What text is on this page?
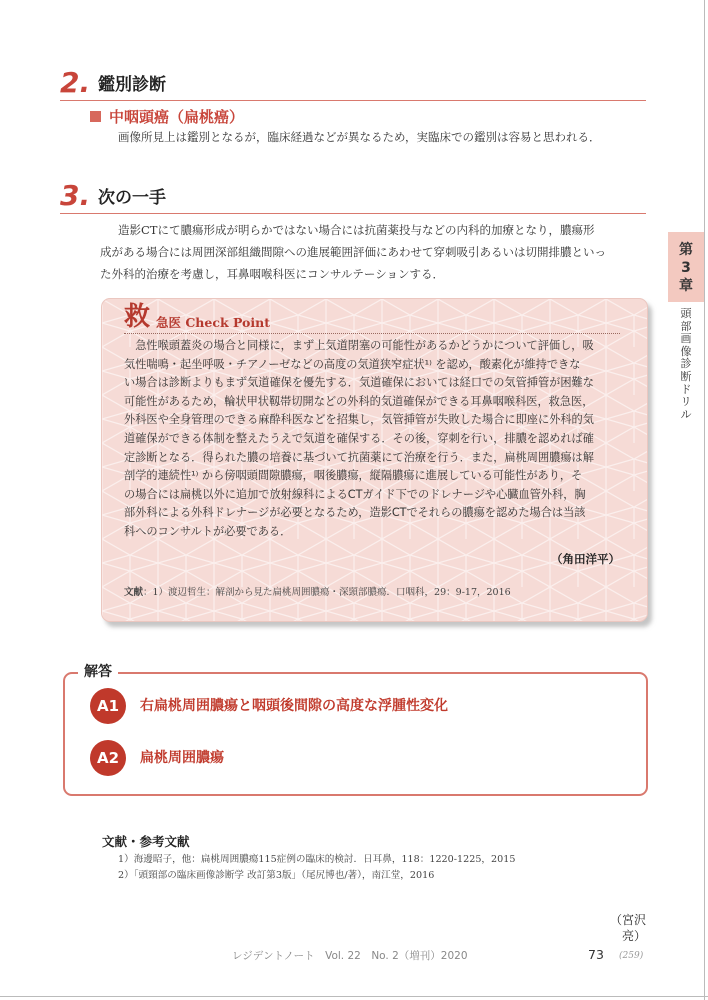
2. 鑑別診断
中咽頭癌（扁桃癌）
画像所見上は鑑別となるが，臨床経過などが異なるため，実臨床での鑑別は容易と思われる．
3. 次の一手
造影CTにて膿瘍形成が明らかではない場合には抗菌薬投与などの内科的加療となり，膿瘍形
成がある場合には周囲深部組織間隙への進展範囲評価にあわせて穿刺吸引あるいは切開排膿といっ
た外科的治療を考慮し，耳鼻咽喉科医にコンサルテーションする．
第
3
章
頭
部
画
像
診
断
ド
リ
ル
救 急医 Check Point
　急性喉頭蓋炎の場合と同様に，まず上気道閉塞の可能性があるかどうかについて評価し，吸
気性喘鳴・起坐呼吸・チアノーゼなどの高度の気道狭窄症状¹⁾ を認め，酸素化が維持できな
い場合は診断よりもまず気道確保を優先する．気道確保においては経口での気管挿管が困難な
可能性があるため，輪状甲状靱帯切開などの外科的気道確保ができる耳鼻咽喉科医，救急医，
外科医や全身管理のできる麻酔科医などを招集し，気管挿管が失敗した場合に即座に外科的気
道確保ができる体制を整えたうえで気道を確保する．その後，穿刺を行い，排膿を認めれば確
定診断となる．得られた膿の培養に基づいて抗菌薬にて治療を行う．また，扁桃周囲膿瘍は解
剖学的連続性¹⁾ から傍咽頭間隙膿瘍，咽後膿瘍，縦隔膿瘍に進展している可能性があり，そ
の場合には扁桃以外に追加で放射線科によるCTガイド下でのドレナージや心臓血管外科，胸
部外科による外科ドレナージが必要となるため，造影CTでそれらの膿瘍を認めた場合は当該
科へのコンサルトが必要である．
（角田洋平）
文献：1）渡辺哲生：解剖から見た扁桃周囲膿瘍・深頸部膿瘍．口咽科，29：9-17，2016
解答
A1	右扁桃周囲膿瘍と咽頭後間隙の高度な浮腫性変化
A2	扁桃周囲膿瘍
文献・参考文献
1）海邊昭子，他：扁桃周囲膿瘍115症例の臨床的検討．日耳鼻，118：1220-1225，2015
2）「頭頸部の臨床画像診断学 改訂第3版」（尾尻博也/著），南江堂，2016
（宮沢　亮）
レジデントノート　Vol. 22　No. 2（増刊）2020	73 (259)
